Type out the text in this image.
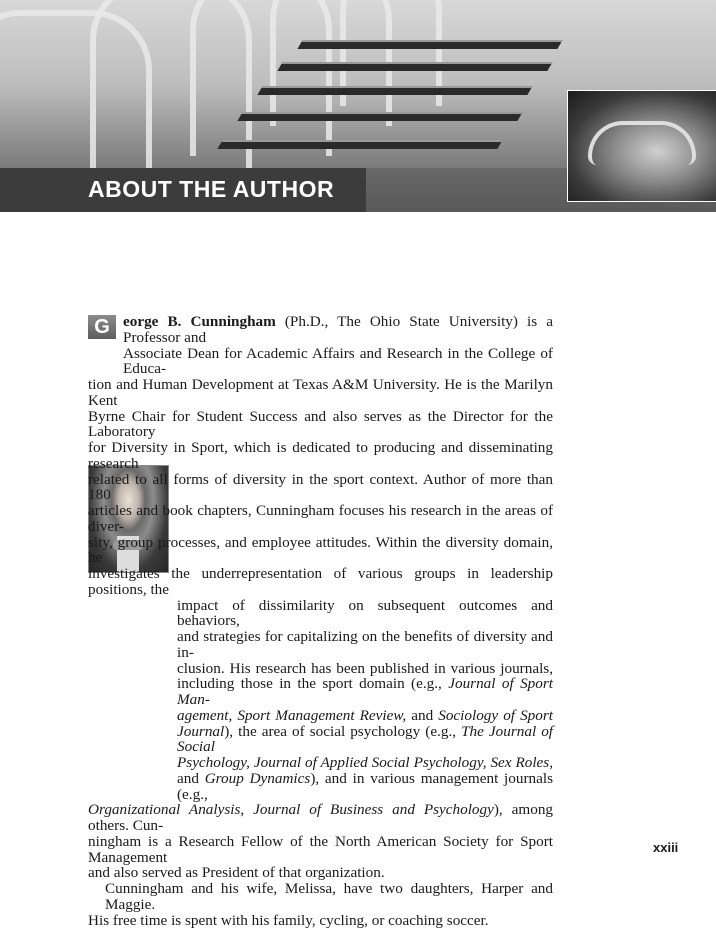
ABOUT THE AUTHOR
G eorge B. Cunningham (Ph.D., The Ohio State University) is a Professor and
Associate Dean for Academic Affairs and Research in the College of Educa-
tion and Human Development at Texas A&M University. He is the Marilyn Kent
Byrne Chair for Student Success and also serves as the Director for the Laboratory
for Diversity in Sport, which is dedicated to producing and disseminating research
related to all forms of diversity in the sport context. Author of more than 180
articles and book chapters, Cunningham focuses his research in the areas of diver-
sity, group processes, and employee attitudes. Within the diversity domain, he
investigates the underrepresentation of various groups in leadership positions, the
impact of dissimilarity on subsequent outcomes and behaviors,
and strategies for capitalizing on the benefits of diversity and in-
clusion. His research has been published in various journals,
including those in the sport domain (e.g., Journal of Sport Man-
agement, Sport Management Review, and Sociology of Sport
Journal), the area of social psychology (e.g., The Journal of Social
Psychology, Journal of Applied Social Psychology, Sex Roles,
and Group Dynamics), and in various management journals (e.g.,
Organizational Analysis, Journal of Business and Psychology), among others. Cun-
ningham is a Research Fellow of the North American Society for Sport Management
and also served as President of that organization.
Cunningham and his wife, Melissa, have two daughters, Harper and Maggie.
His free time is spent with his family, cycling, or coaching soccer.
xxiii
